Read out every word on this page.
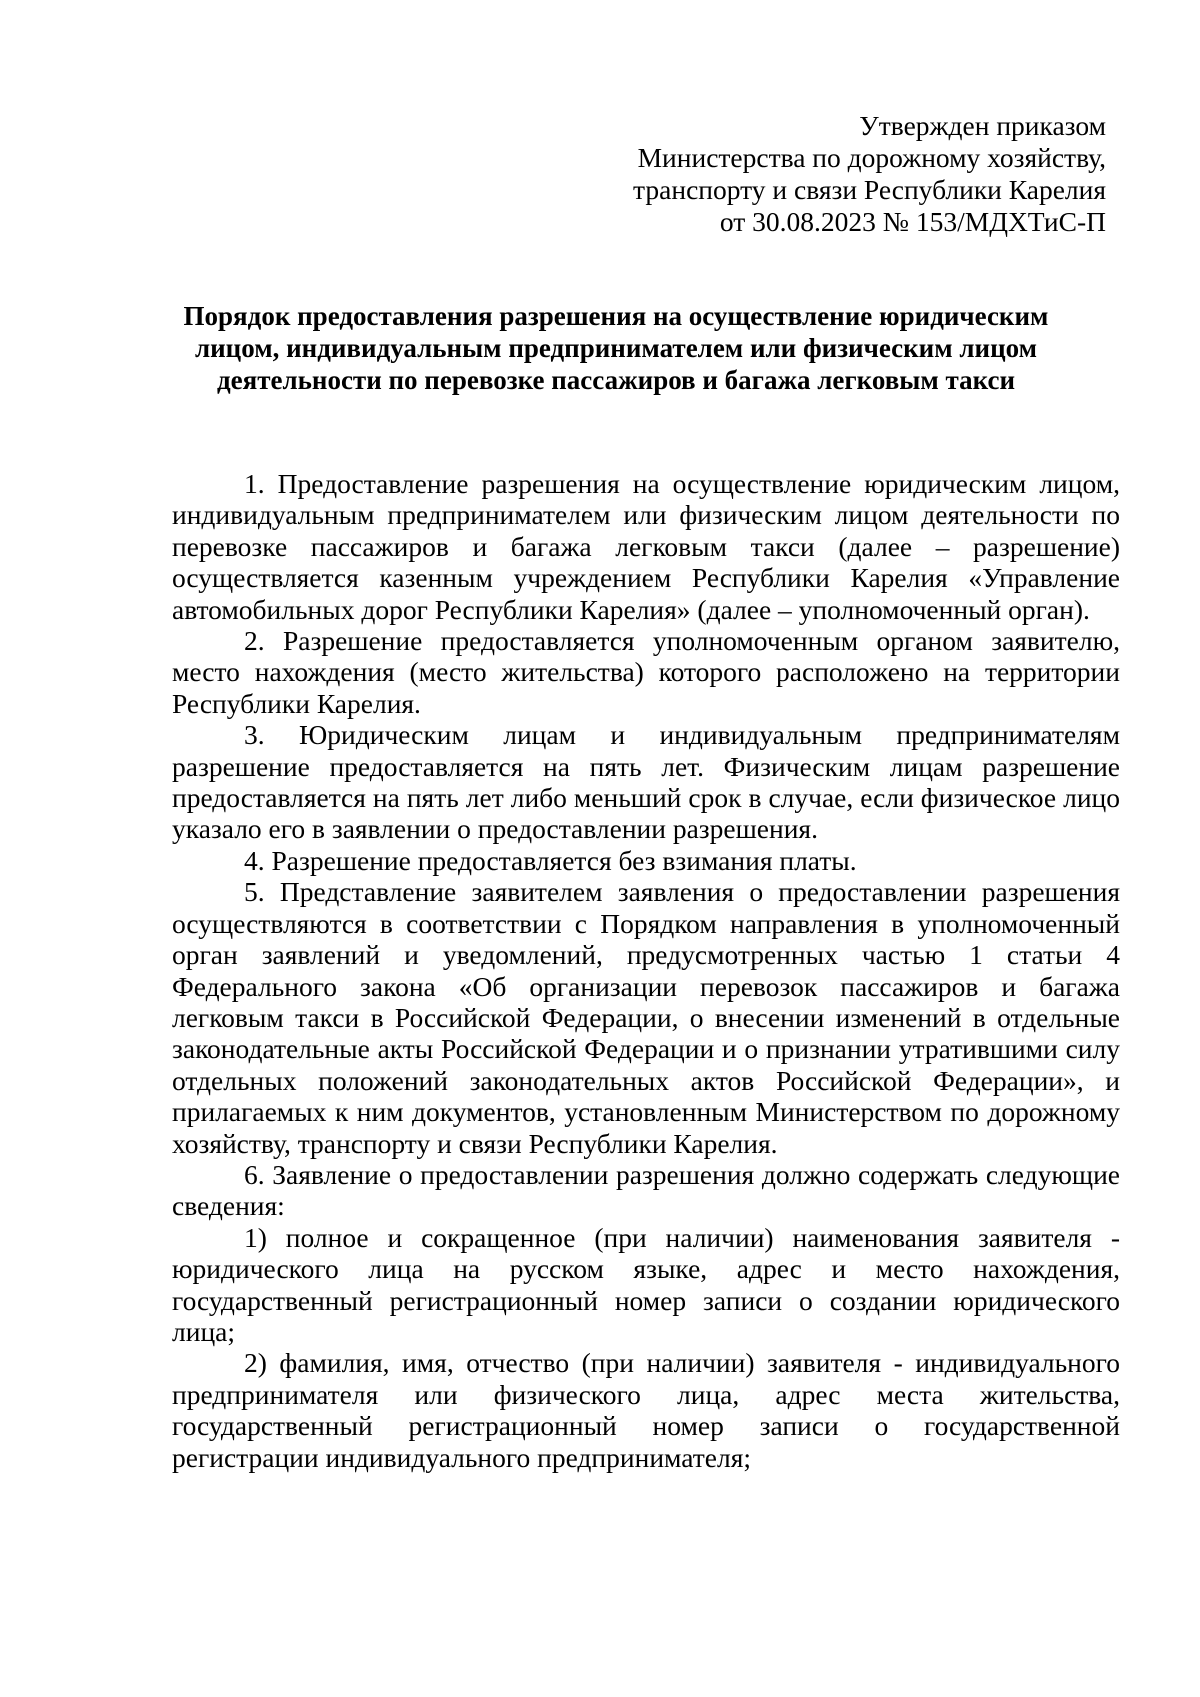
Утвержден приказом
Министерства по дорожному хозяйству,
транспорту и связи Республики Карелия
от 30.08.2023 № 153/МДХТиС-П
Порядок предоставления разрешения на осуществление юридическим
лицом, индивидуальным предпринимателем или физическим лицом
деятельности по перевозке пассажиров и багажа легковым такси

1. Предоставление разрешения на осуществление юридическим лицом, индивидуальным предпринимателем или физическим лицом деятельности по перевозке пассажиров и багажа легковым такси (далее – разрешение) осуществляется казенным учреждением Республики Карелия «Управление автомобильных дорог Республики Карелия» (далее – уполномоченный орган).

2. Разрешение предоставляется уполномоченным органом заявителю, место нахождения (место жительства) которого расположено на территории Республики Карелия.

3. Юридическим лицам и индивидуальным предпринимателям разрешение предоставляется на пять лет. Физическим лицам разрешение предоставляется на пять лет либо меньший срок в случае, если физическое лицо указало его в заявлении о предоставлении разрешения.

4. Разрешение предоставляется без взимания платы.

5. Представление заявителем заявления о предоставлении разрешения осуществляются в соответствии с Порядком направления в уполномоченный орган заявлений и уведомлений, предусмотренных частью 1 статьи 4 Федерального закона «Об организации перевозок пассажиров и багажа легковым такси в Российской Федерации, о внесении изменений в отдельные законодательные акты Российской Федерации и о признании утратившими силу отдельных положений законодательных актов Российской Федерации», и прилагаемых к ним документов, установленным Министерством по дорожному хозяйству, транспорту и связи Республики Карелия.

6. Заявление о предоставлении разрешения должно содержать следующие сведения:

1) полное и сокращенное (при наличии) наименования заявителя - юридического лица на русском языке, адрес и место нахождения, государственный регистрационный номер записи о создании юридического лица;

2) фамилия, имя, отчество (при наличии) заявителя - индивидуального предпринимателя или физического лица, адрес места жительства, государственный регистрационный номер записи о государственной регистрации индивидуального предпринимателя;
